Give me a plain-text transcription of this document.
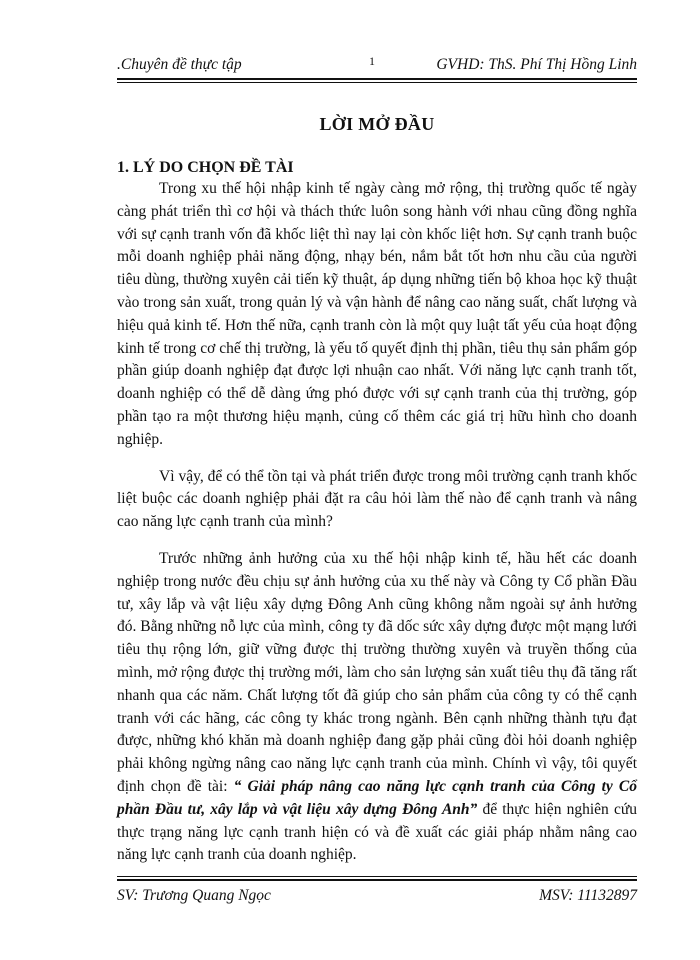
.Chuyên đề thực tập	1	GVHD: ThS. Phí Thị Hồng Linh
LỜI MỞ ĐẦU
1. LÝ DO CHỌN ĐỀ TÀI

Trong xu thế hội nhập kinh tế ngày càng mở rộng, thị trường quốc tế ngày càng phát triển thì cơ hội và thách thức luôn song hành với nhau cũng đồng nghĩa với sự cạnh tranh vốn đã khốc liệt thì nay lại còn khốc liệt hơn. Sự cạnh tranh buộc mỗi doanh nghiệp phải năng động, nhạy bén, nắm bắt tốt hơn nhu cầu của người tiêu dùng, thường xuyên cải tiến kỹ thuật, áp dụng những tiến bộ khoa học kỹ thuật vào trong sản xuất, trong quản lý và vận hành để nâng cao năng suất, chất lượng và hiệu quả kinh tế. Hơn thế nữa, cạnh tranh còn là một quy luật tất yếu của hoạt động kinh tế trong cơ chế thị trường, là yếu tố quyết định thị phần, tiêu thụ sản phẩm góp phần giúp doanh nghiệp đạt được lợi nhuận cao nhất. Với năng lực cạnh tranh tốt, doanh nghiệp có thể dễ dàng ứng phó được với sự cạnh tranh của thị trường, góp phần tạo ra một thương hiệu mạnh, củng cố thêm các giá trị hữu hình cho doanh nghiệp.

Vì vậy, để có thể tồn tại và phát triển được trong môi trường cạnh tranh khốc liệt buộc các doanh nghiệp phải đặt ra câu hỏi làm thế nào để cạnh tranh và nâng cao năng lực cạnh tranh của mình?

Trước những ảnh hưởng của xu thế hội nhập kinh tế, hầu hết các doanh nghiệp trong nước đều chịu sự ảnh hưởng của xu thế này và Công ty Cổ phần Đầu tư, xây lắp và vật liệu xây dựng Đông Anh cũng không nằm ngoài sự ảnh hưởng đó. Bằng những nỗ lực của mình, công ty đã dốc sức xây dựng được một mạng lưới tiêu thụ rộng lớn, giữ vững được thị trường thường xuyên và truyền thống của mình, mở rộng được thị trường mới, làm cho sản lượng sản xuất tiêu thụ đã tăng rất nhanh qua các năm. Chất lượng tốt đã giúp cho sản phẩm của công ty có thể cạnh tranh với các hãng, các công ty khác trong ngành. Bên cạnh những thành tựu đạt được, những khó khăn mà doanh nghiệp đang gặp phải cũng đòi hỏi doanh nghiệp phải không ngừng nâng cao năng lực cạnh tranh của mình. Chính vì vậy, tôi quyết định chọn đề tài: “ Giải pháp nâng cao năng lực cạnh tranh của Công ty Cổ phần Đầu tư, xây lắp và vật liệu xây dựng Đông Anh” để thực hiện nghiên cứu thực trạng năng lực cạnh tranh hiện có và đề xuất các giải pháp nhằm nâng cao năng lực cạnh tranh của doanh nghiệp.

SV: Trương Quang Ngọc	MSV: 11132897
